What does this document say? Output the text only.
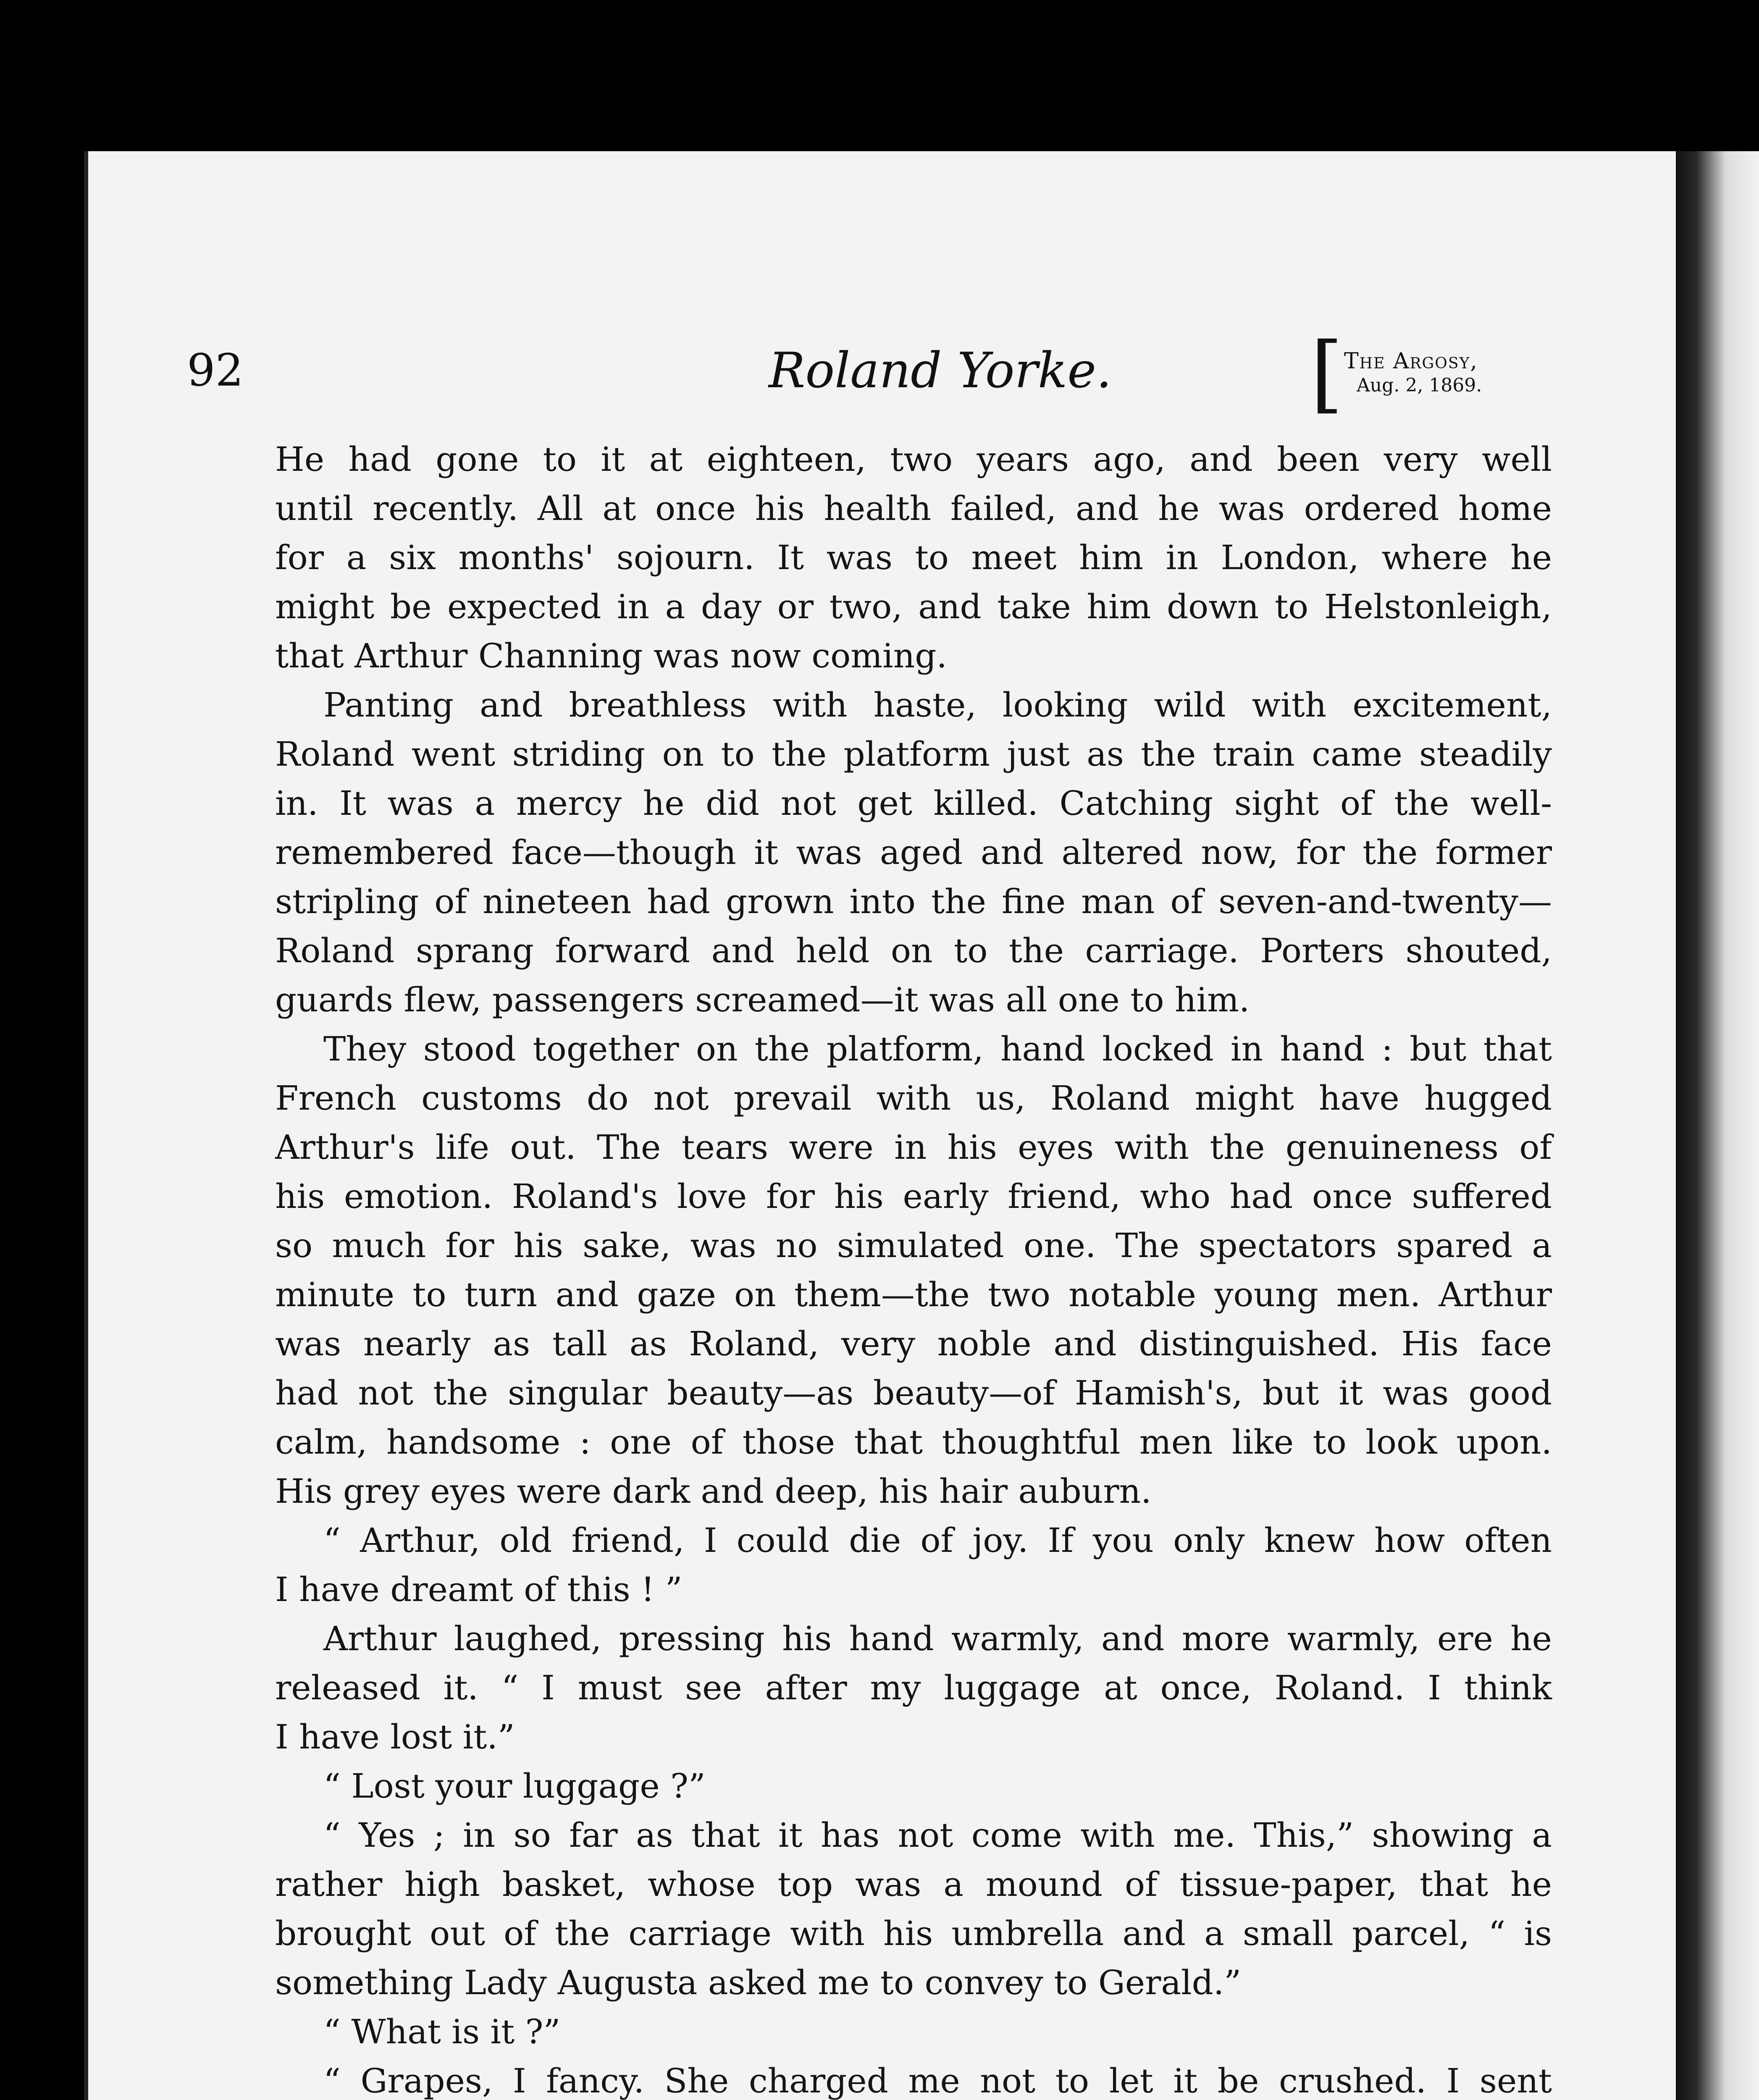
92	Roland Yorke. [ The Argosy,
Aug. 2, 1869.
He had gone to it at eighteen, two years ago, and been very well
until recently. All at once his health failed, and he was ordered home
for a six months' sojourn. It was to meet him in London, where he
might be expected in a day or two, and take him down to Helstonleigh,
that Arthur Channing was now coming.
Panting and breathless with haste, looking wild with excitement,
Roland went striding on to the platform just as the train came steadily
in. It was a mercy he did not get killed. Catching sight of the well-
remembered face—though it was aged and altered now, for the former
stripling of nineteen had grown into the fine man of seven-and-twenty—
Roland sprang forward and held on to the carriage. Porters shouted,
guards flew, passengers screamed—it was all one to him.
They stood together on the platform, hand locked in hand : but that
French customs do not prevail with us, Roland might have hugged
Arthur's life out. The tears were in his eyes with the genuineness of
his emotion. Roland's love for his early friend, who had once suffered
so much for his sake, was no simulated one. The spectators spared a
minute to turn and gaze on them—the two notable young men. Arthur
was nearly as tall as Roland, very noble and distinguished. His face
had not the singular beauty—as beauty—of Hamish's, but it was good
calm, handsome : one of those that thoughtful men like to look upon.
His grey eyes were dark and deep, his hair auburn.
“ Arthur, old friend, I could die of joy. If you only knew how often
I have dreamt of this ! ”
Arthur laughed, pressing his hand warmly, and more warmly, ere he
released it. “ I must see after my luggage at once, Roland. I think
I have lost it.”
“ Lost your luggage ?”
“ Yes ; in so far as that it has not come with me. This,” showing a
rather high basket, whose top was a mound of tissue-paper, that he
brought out of the carriage with his umbrella and a small parcel, “ is
something Lady Augusta asked me to convey to Gerald.”
“ What is it ?”
“ Grapes, I fancy. She charged me not to let it be crushed. I sent
